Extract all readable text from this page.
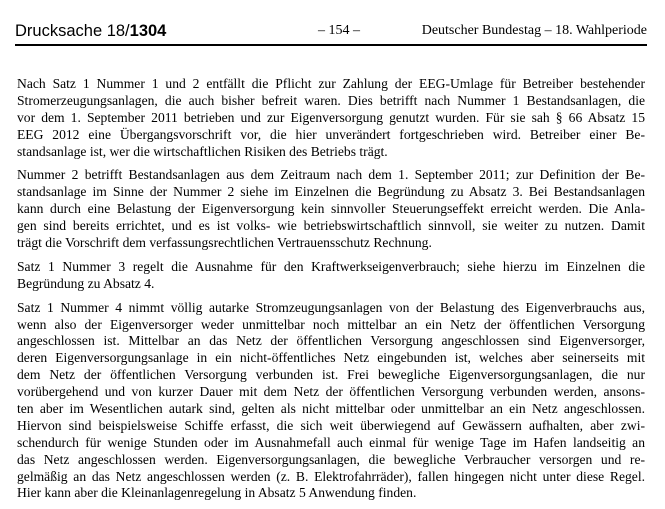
Drucksache 18/1304	– 154 –	Deutscher Bundestag – 18. Wahlperiode

Nach Satz 1 Nummer 1 und 2 entfällt die Pflicht zur Zahlung der EEG-Umlage für Betreiber bestehender
Stromerzeugungsanlagen, die auch bisher befreit waren. Dies betrifft nach Nummer 1 Bestandsanlagen, die
vor dem 1. September 2011 betrieben und zur Eigenversorgung genutzt wurden. Für sie sah § 66 Absatz 15
EEG 2012 eine Übergangsvorschrift vor, die hier unverändert fortgeschrieben wird. Betreiber einer Be-
standsanlage ist, wer die wirtschaftlichen Risiken des Betriebs trägt.

Nummer 2 betrifft Bestandsanlagen aus dem Zeitraum nach dem 1. September 2011; zur Definition der Be-
standsanlage im Sinne der Nummer 2 siehe im Einzelnen die Begründung zu Absatz 3. Bei Bestandsanlagen
kann durch eine Belastung der Eigenversorgung kein sinnvoller Steuerungseffekt erreicht werden. Die Anla-
gen sind bereits errichtet, und es ist volks- wie betriebswirtschaftlich sinnvoll, sie weiter zu nutzen. Damit
trägt die Vorschrift dem verfassungsrechtlichen Vertrauensschutz Rechnung.

Satz 1 Nummer 3 regelt die Ausnahme für den Kraftwerkseigenverbrauch; siehe hierzu im Einzelnen die
Begründung zu Absatz 4.

Satz 1 Nummer 4 nimmt völlig autarke Stromzeugungsanlagen von der Belastung des Eigenverbrauchs aus,
wenn also der Eigenversorger weder unmittelbar noch mittelbar an ein Netz der öffentlichen Versorgung
angeschlossen ist. Mittelbar an das Netz der öffentlichen Versorgung angeschlossen sind Eigenversorger,
deren Eigenversorgungsanlage in ein nicht-öffentliches Netz eingebunden ist, welches aber seinerseits mit
dem Netz der öffentlichen Versorgung verbunden ist. Frei bewegliche Eigenversorgungsanlagen, die nur
vorübergehend und von kurzer Dauer mit dem Netz der öffentlichen Versorgung verbunden werden, ansons-
ten aber im Wesentlichen autark sind, gelten als nicht mittelbar oder unmittelbar an ein Netz angeschlossen.
Hiervon sind beispielsweise Schiffe erfasst, die sich weit überwiegend auf Gewässern aufhalten, aber zwi-
schendurch für wenige Stunden oder im Ausnahmefall auch einmal für wenige Tage im Hafen landseitig an
das Netz angeschlossen werden. Eigenversorgungsanlagen, die bewegliche Verbraucher versorgen und re-
gelmäßig an das Netz angeschlossen werden (z. B. Elektrofahrräder), fallen hingegen nicht unter diese Regel.
Hier kann aber die Kleinanlagenregelung in Absatz 5 Anwendung finden.
